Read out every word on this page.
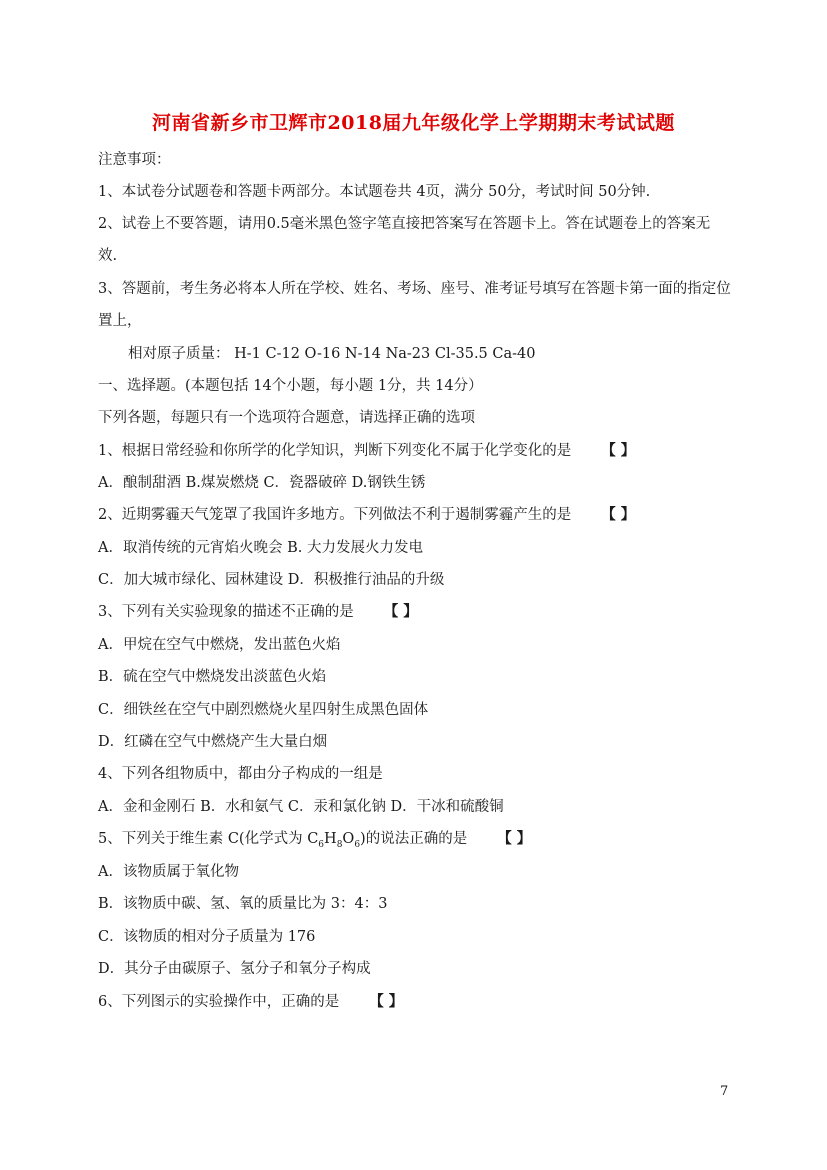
河南省新乡市卫辉市2018届九年级化学上学期期末考试试题
注意事项：
1、本试卷分试题卷和答题卡两部分。本试题卷共 4页，满分 50分，考试时间 50分钟.
2、试卷上不要答题，请用0.5毫米黑色签字笔直接把答案写在答题卡上。答在试题卷上的答案无
效.
3、答题前，考生务必将本人所在学校、姓名、考场、座号、准考证号填写在答题卡第一面的指定位
置上，
相对原子质量： H-1 C-12 O-16 N-14 Na-23 Cl-35.5 Ca-40
一、选择题。(本题包括 14个小题，每小题 1分，共 14分）
下列各题，每题只有一个选项符合题意，请选择正确的选项
1、根据日常经验和你所学的化学知识，判断下列变化不属于化学变化的是 【 】
A．酿制甜酒 B.煤炭燃烧 C．瓷器破碎 D.钢铁生锈
2、近期雾霾天气笼罩了我国许多地方。下列做法不利于遏制雾霾产生的是 【 】
A．取消传统的元宵焰火晚会 B. 大力发展火力发电
C．加大城市绿化、园林建设 D．积极推行油品的升级
3、下列有关实验现象的描述不正确的是 【 】
A．甲烷在空气中燃烧，发出蓝色火焰
B．硫在空气中燃烧发出淡蓝色火焰
C．细铁丝在空气中剧烈燃烧火星四射生成黑色固体
D．红磷在空气中燃烧产生大量白烟
4、下列各组物质中，都由分子构成的一组是
A．金和金刚石 B．水和氨气 C．汞和氯化钠 D．干冰和硫酸铜
5、下列关于维生素 C(化学式为 $C_6H_8O_6$)的说法正确的是 【 】
A．该物质属于氧化物
B．该物质中碳、氢、氧的质量比为 3：4：3
C．该物质的相对分子质量为 176
D．其分子由碳原子、氢分子和氧分子构成
6、下列图示的实验操作中，正确的是 【 】
7
